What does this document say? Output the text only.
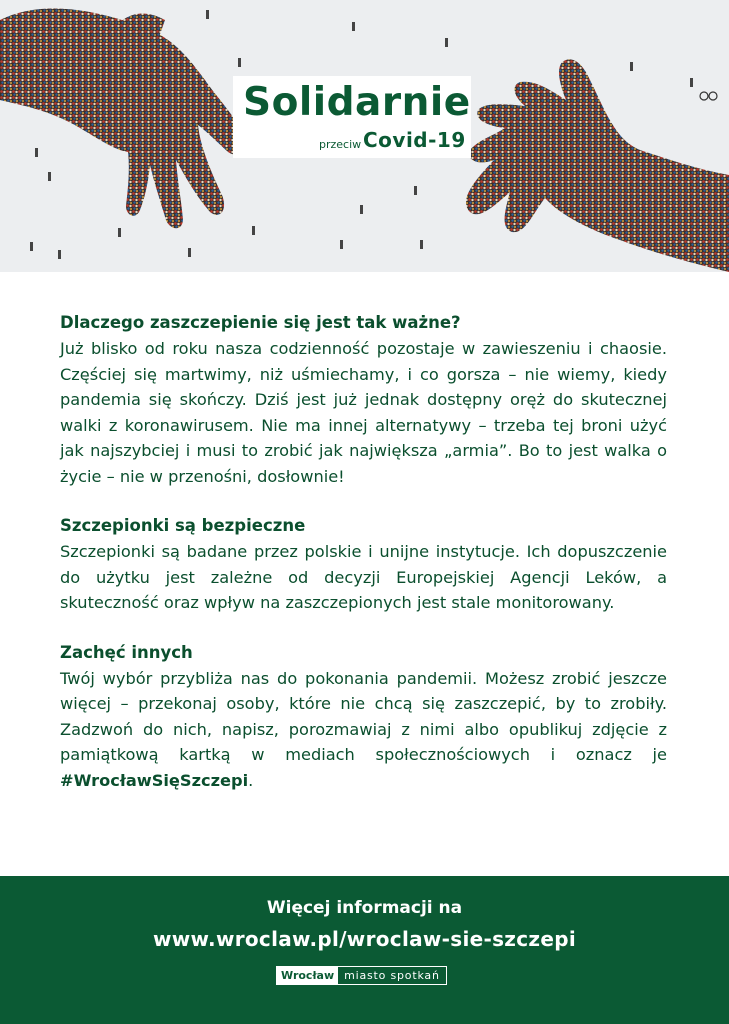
Solidarnie
przeciw Covid-19
Dlaczego zaszczepienie się jest tak ważne?

Już blisko od roku nasza codzienność pozostaje w zawieszeniu i chaosie. Częściej się martwimy, niż uśmiechamy, i co gorsza – nie wiemy, kiedy pandemia się skończy. Dziś jest już jednak dostępny oręż do skutecznej walki z koronawirusem. Nie ma innej alternatywy – trzeba tej broni użyć jak najszybciej i musi to zrobić jak największa „armia”. Bo to jest walka o życie – nie w przenośni, dosłownie!

Szczepionki są bezpieczne

Szczepionki są badane przez polskie i unijne instytucje. Ich dopuszczenie do użytku jest zależne od decyzji Europejskiej Agencji Leków, a skuteczność oraz wpływ na zaszczepionych jest stale monitorowany.

Zachęć innych

Twój wybór przybliża nas do pokonania pandemii. Możesz zrobić jeszcze więcej – przekonaj osoby, które nie chcą się zaszczepić, by to zrobiły. Zadzwoń do nich, napisz, porozmawiaj z nimi albo opublikuj zdjęcie z pamiątkową kartką w mediach społecznościowych i oznacz je #WrocławSięSzczepi.

Więcej informacji na
www.wroclaw.pl/wroclaw-sie-szczepi
Wrocław miasto spotkań
